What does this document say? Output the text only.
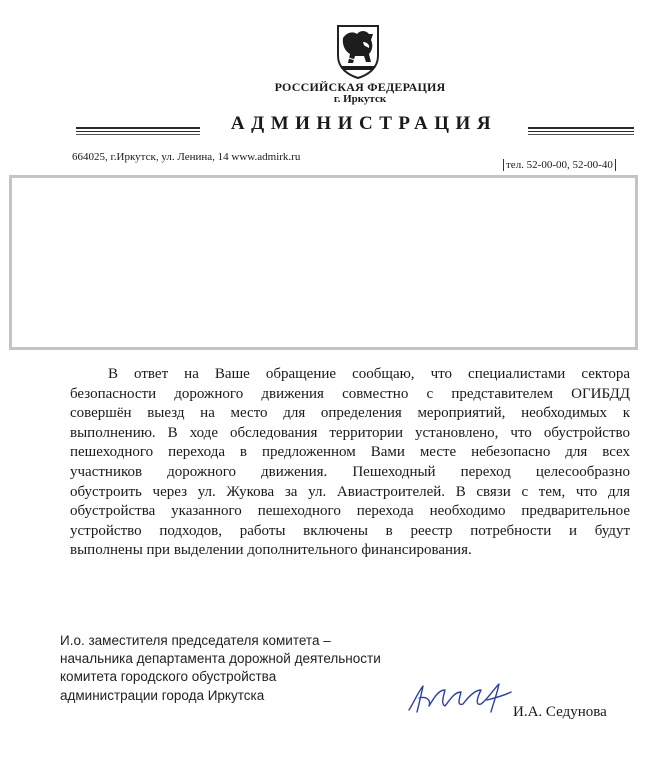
РОССИЙСКАЯ ФЕДЕРАЦИЯ
г. Иркутск
АДМИНИСТРАЦИЯ
664025, г.Иркутск, ул. Ленина, 14 www.admirk.ru
тел. 52-00-00, 52-00-40
В ответ на Ваше обращение сообщаю, что специалистами сектора
безопасности дорожного движения совместно с представителем ОГИБДД
совершён выезд на место для определения мероприятий, необходимых к
выполнению. В ходе обследования территории установлено, что обустройство
пешеходного перехода в предложенном Вами месте небезопасно для всех
участников дорожного движения. Пешеходный переход целесообразно
обустроить через ул. Жукова за ул. Авиастроителей. В связи с тем, что для
обустройства указанного пешеходного перехода необходимо предварительное
устройство подходов, работы включены в реестр потребности и будут
выполнены при выделении дополнительного финансирования.
И.о. заместителя председателя комитета –
начальника департамента дорожной деятельности
комитета городского обустройства
администрации города Иркутска
И.А. Седунова
